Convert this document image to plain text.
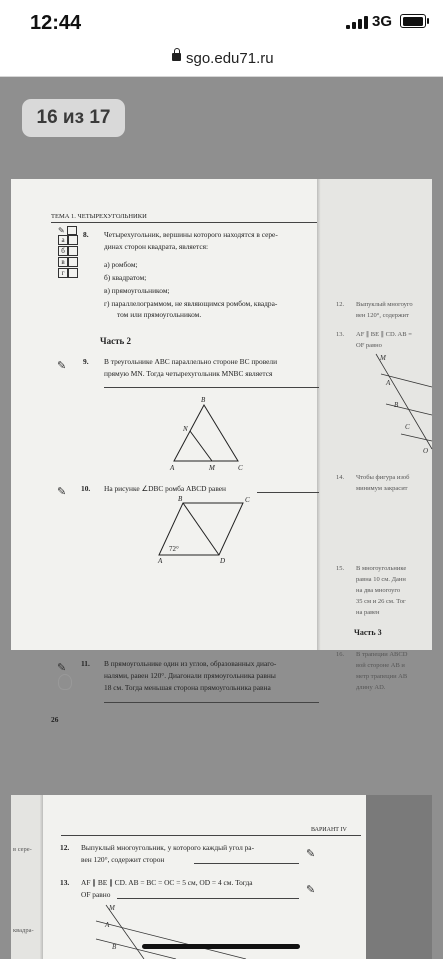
12:44	3G
sgo.edu71.ru
16 из 17
ТЕМА 1. ЧЕТЫРЕХУГОЛЬНИКИ
✎
а
б
в
г
8. Четырехугольник, вершины которого находятся в сере-
динах сторон квадрата, является:
а) ромбом;
б) квадратом;
в) прямоугольником;
г) параллелограммом, не являющимся ромбом, квадра-
том или прямоугольником.
Часть 2
✎ 9. В треугольнике ABC параллельно стороне BC провели
прямую MN. Тогда четырехугольник MNBC является
B
N
A	M	C
✎ 10. На рисунке ∠DBC ромба ABCD равен
B	C
A	D
72°
✎ 11. В прямоугольнике один из углов, образованных диаго-
налями, равен 120°. Диагонали прямоугольника равны
18 см. Тогда меньшая сторона прямоугольника равна
26
12. Выпуклый многоуго
вен 120°, содержит
13. AF ∥ BE ∥ CD. AB =
OF равно
M
A
B
C
O
14. Чтобы фигура изоб
минимум закрасит
15. В многоугольнике
равна 10 см. Данн
на два многоуго
35 см и 26 см. Тог
на равен
Часть 3
16. В трапеции ABCD
вой стороне AB и
метр трапеции AB
длину AD.
в сере-
квадра-
ВАРИАНТ IV
12. Выпуклый многоугольник, у которого каждый угол ра-
вен 120°, содержит сторон	✎
13. AF ∥ BE ∥ CD. AB = BC = OC = 5 см, OD = 4 см. Тогда
OF равно	✎
M
A
B
